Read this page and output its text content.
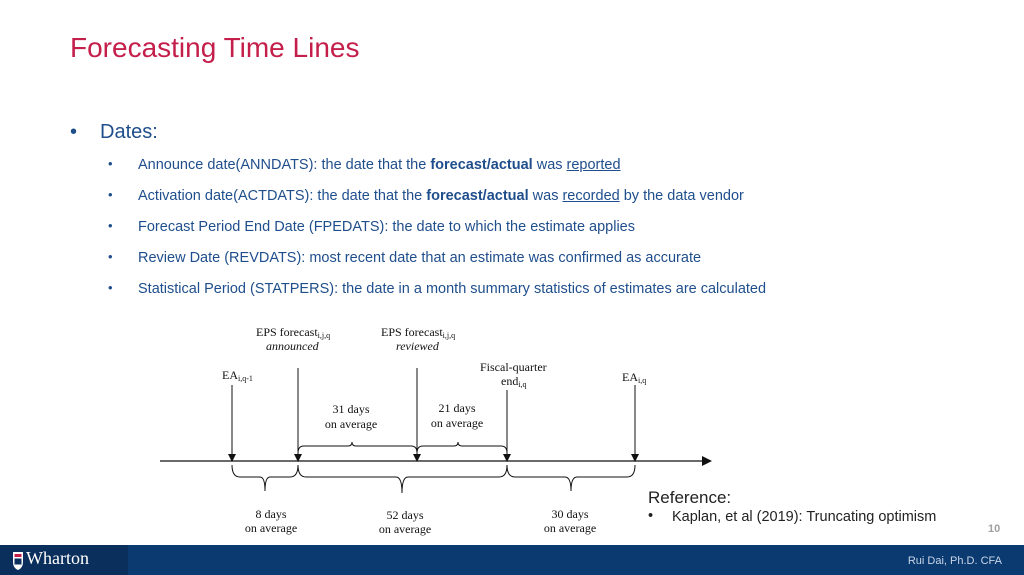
Forecasting Time Lines
• Dates:
• Announce date(ANNDATS): the date that the forecast/actual was reported
• Activation date(ACTDATS): the date that the forecast/actual was recorded by the data vendor
• Forecast Period End Date (FPEDATS): the date to which the estimate applies
• Review Date (REVDATS): most recent date that an estimate was confirmed as accurate
• Statistical Period (STATPERS): the date in a month summary statistics of estimates are calculated
EAi,q-1
EPS forecasti,j,q
announced
EPS forecasti,j,q
reviewed
Fiscal-quarter
endi,q
EAi,q
31 days
on average
21 days
on average
8 days
on average
52 days
on average
30 days
on average
Reference:
• Kaplan, et al (2019): Truncating optimism
10
Wharton	Rui Dai, Ph.D. CFA
